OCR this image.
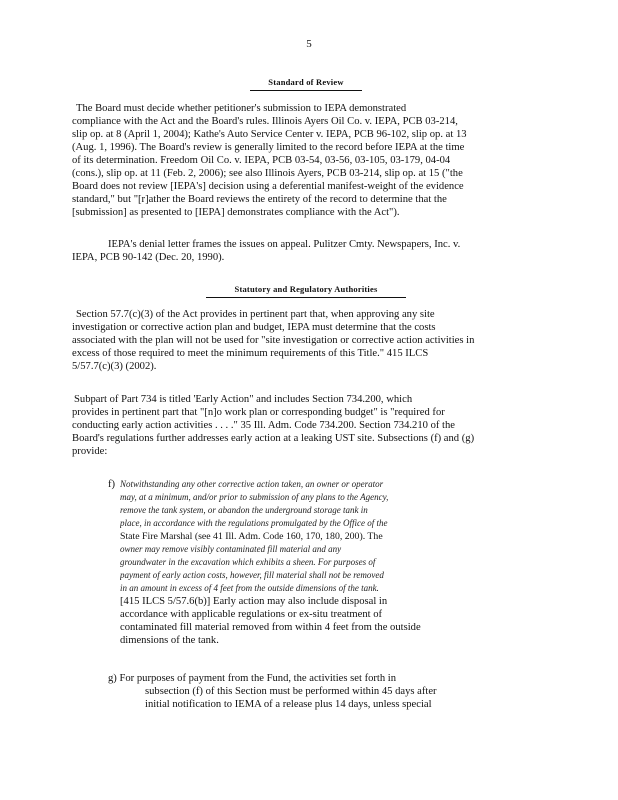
5
Standard of Review
The Board must decide whether petitioner's submission to IEPA demonstrated
compliance with the Act and the Board's rules. Illinois Ayers Oil Co. v. IEPA, PCB 03-214,
slip op. at 8 (April 1, 2004); Kathe's Auto Service Center v. IEPA, PCB 96-102, slip op. at 13
(Aug. 1, 1996). The Board's review is generally limited to the record before IEPA at the time
of its determination. Freedom Oil Co. v. IEPA, PCB 03-54, 03-56, 03-105, 03-179, 04-04
(cons.), slip op. at 11 (Feb. 2, 2006); see also Illinois Ayers, PCB 03-214, slip op. at 15 ("the
Board does not review [IEPA's] decision using a deferential manifest-weight of the evidence
standard," but "[r]ather the Board reviews the entirety of the record to determine that the
[submission] as presented to [IEPA] demonstrates compliance with the Act").
IEPA's denial letter frames the issues on appeal. Pulitzer Cmty. Newspapers, Inc. v.
IEPA, PCB 90-142 (Dec. 20, 1990).
Statutory and Regulatory Authorities
Section 57.7(c)(3) of the Act provides in pertinent part that, when approving any site
investigation or corrective action plan and budget, IEPA must determine that the costs
associated with the plan will not be used for "site investigation or corrective action activities in
excess of those required to meet the minimum requirements of this Title." 415 ILCS
5/57.7(c)(3) (2002).
Subpart of Part 734 is titled 'Early Action" and includes Section 734.200, which
provides in pertinent part that "[n]o work plan or corresponding budget" is "required for
conducting early action activities . . . ." 35 Ill. Adm. Code 734.200. Section 734.210 of the
Board's regulations further addresses early action at a leaking UST site. Subsections (f) and (g)
provide:
f) Notwithstanding any other corrective action taken, an owner or operator
may, at a minimum, and/or prior to submission of any plans to the Agency,
remove the tank system, or abandon the underground storage tank in
place, in accordance with the regulations promulgated by the Office of the
State Fire Marshal (see 41 Ill. Adm. Code 160, 170, 180, 200). The
owner may remove visibly contaminated fill material and any
groundwater in the excavation which exhibits a sheen. For purposes of
payment of early action costs, however, fill material shall not be removed
in an amount in excess of 4 feet from the outside dimensions of the tank.
[415 ILCS 5/57.6(b)] Early action may also include disposal in
accordance with applicable regulations or ex-situ treatment of
contaminated fill material removed from within 4 feet from the outside
dimensions of the tank.
g) For purposes of payment from the Fund, the activities set forth in
subsection (f) of this Section must be performed within 45 days after
initial notification to IEMA of a release plus 14 days, unless special
